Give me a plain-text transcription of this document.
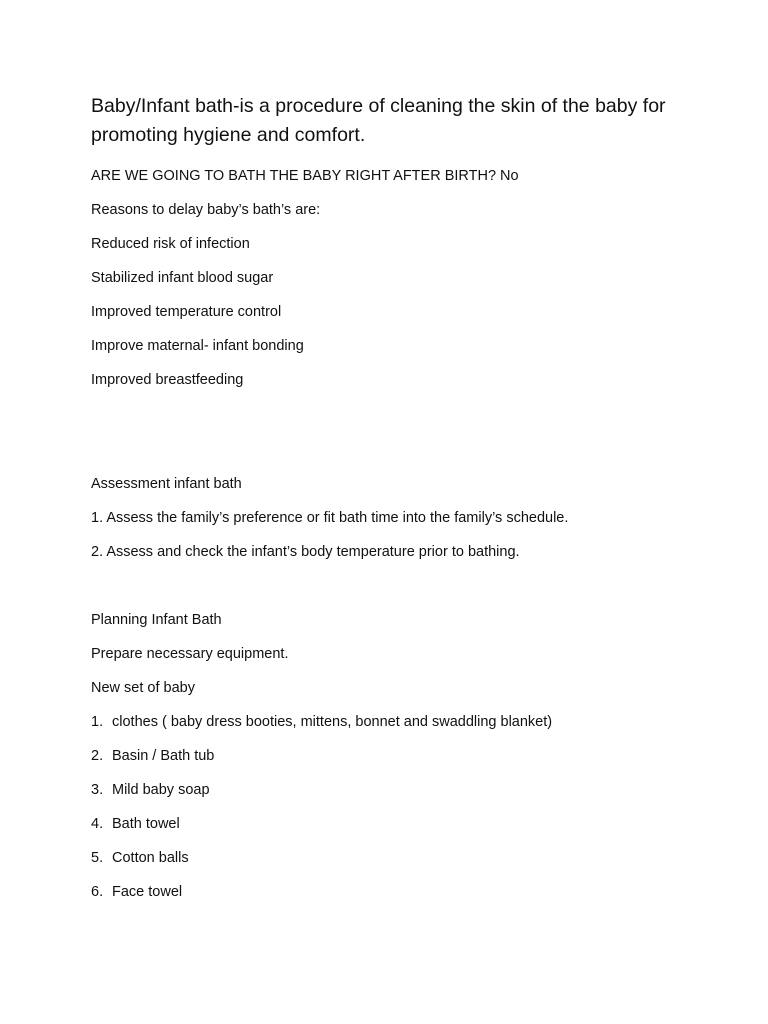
Baby/Infant bath-is a procedure of cleaning the skin of the baby for promoting hygiene and comfort.

ARE WE GOING TO BATH THE BABY RIGHT AFTER BIRTH? No

Reasons to delay baby’s bath’s are:

Reduced risk of infection

Stabilized infant blood sugar

Improved temperature control

Improve maternal- infant bonding

Improved breastfeeding

Assessment infant bath

1. Assess the family’s preference or fit bath time into the family’s schedule.

2. Assess and check the infant’s body temperature prior to bathing.

Planning Infant Bath

Prepare necessary equipment.

New set of baby

1. clothes ( baby dress booties, mittens, bonnet and swaddling blanket)

2. Basin / Bath tub

3. Mild baby soap

4. Bath towel

5. Cotton balls

6. Face towel
